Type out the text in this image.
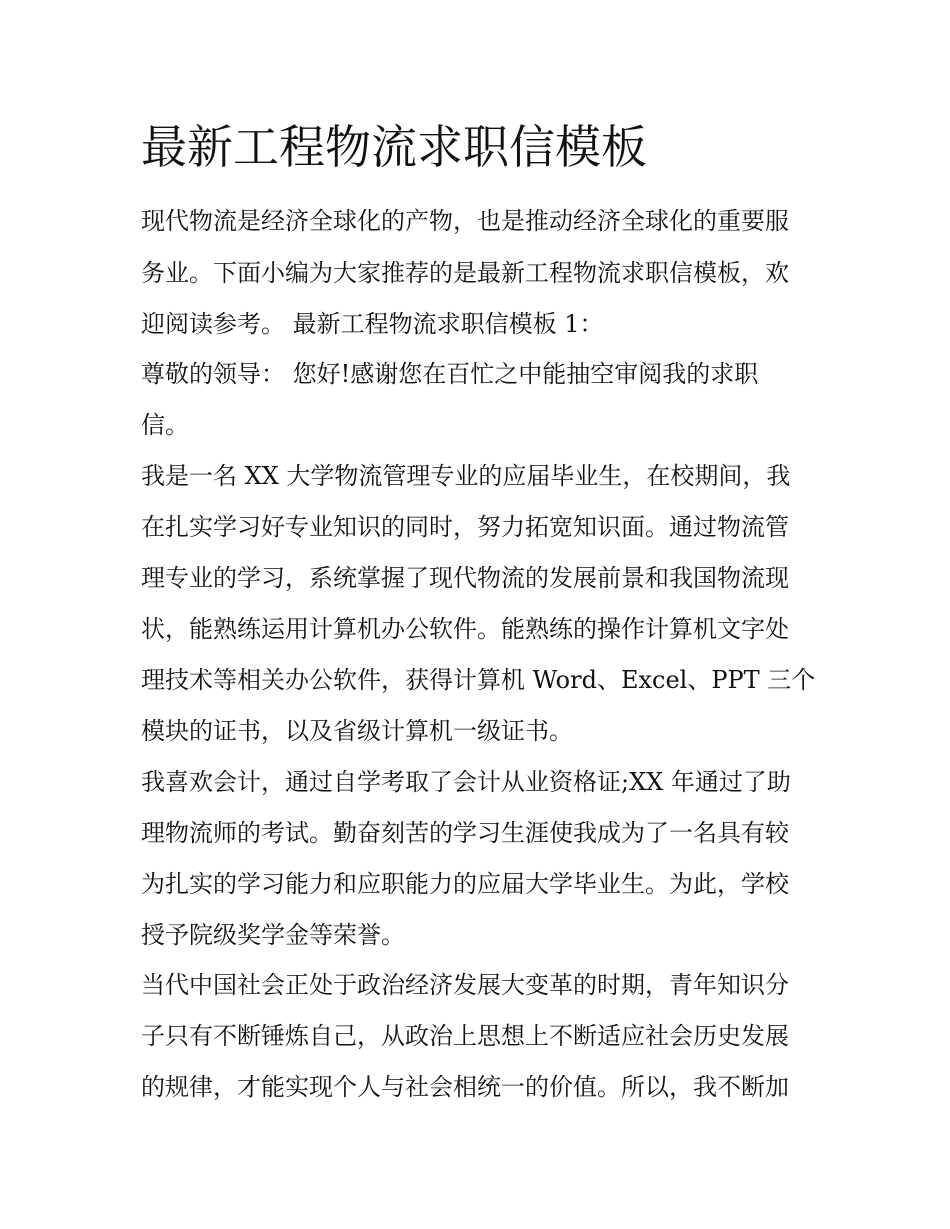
最新工程物流求职信模板

现代物流是经济全球化的产物，也是推动经济全球化的重要服

务业。下面小编为大家推荐的是最新工程物流求职信模板，欢

迎阅读参考。 最新工程物流求职信模板 1：

尊敬的领导： 您好!感谢您在百忙之中能抽空审阅我的求职

信。

我是一名 XX 大学物流管理专业的应届毕业生，在校期间，我

在扎实学习好专业知识的同时，努力拓宽知识面。通过物流管

理专业的学习，系统掌握了现代物流的发展前景和我国物流现

状，能熟练运用计算机办公软件。能熟练的操作计算机文字处

理技术等相关办公软件，获得计算机 Word、Excel、PPT 三个

模块的证书，以及省级计算机一级证书。

我喜欢会计，通过自学考取了会计从业资格证;XX 年通过了助

理物流师的考试。勤奋刻苦的学习生涯使我成为了一名具有较

为扎实的学习能力和应职能力的应届大学毕业生。为此，学校

授予院级奖学金等荣誉。

当代中国社会正处于政治经济发展大变革的时期，青年知识分

子只有不断锤炼自己，从政治上思想上不断适应社会历史发展

的规律，才能实现个人与社会相统一的价值。所以，我不断加
